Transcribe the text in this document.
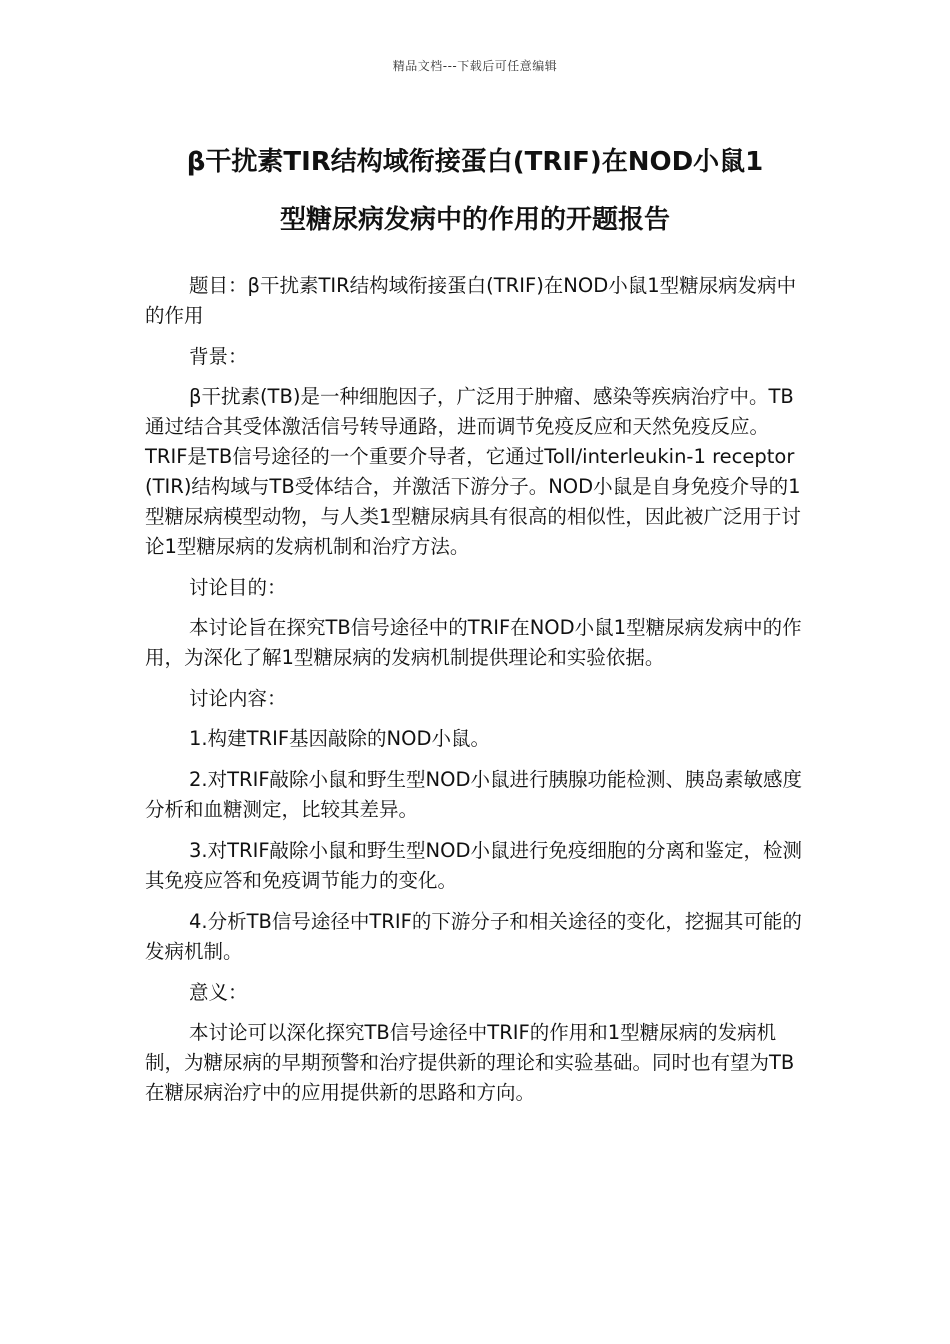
精品文档---下载后可任意编辑
β干扰素TIR结构域衔接蛋白(TRIF)在NOD小鼠1
型糖尿病发病中的作用的开题报告

题目：β干扰素TIR结构域衔接蛋白(TRIF)在NOD小鼠1型糖尿病发病中的作用

背景：

β干扰素(TB)是一种细胞因子，广泛用于肿瘤、感染等疾病治疗中。TB通过结合其受体激活信号转导通路，进而调节免疫反应和天然免疫反应。TRIF是TB信号途径的一个重要介导者，它通过Toll/interleukin-1 receptor (TIR)结构域与TB受体结合，并激活下游分子。NOD小鼠是自身免疫介导的1型糖尿病模型动物，与人类1型糖尿病具有很高的相似性，因此被广泛用于讨论1型糖尿病的发病机制和治疗方法。

讨论目的：

本讨论旨在探究TB信号途径中的TRIF在NOD小鼠1型糖尿病发病中的作用，为深化了解1型糖尿病的发病机制提供理论和实验依据。

讨论内容：

1.构建TRIF基因敲除的NOD小鼠。

2.对TRIF敲除小鼠和野生型NOD小鼠进行胰腺功能检测、胰岛素敏感度分析和血糖测定，比较其差异。

3.对TRIF敲除小鼠和野生型NOD小鼠进行免疫细胞的分离和鉴定，检测其免疫应答和免疫调节能力的变化。

4.分析TB信号途径中TRIF的下游分子和相关途径的变化，挖掘其可能的发病机制。

意义：

本讨论可以深化探究TB信号途径中TRIF的作用和1型糖尿病的发病机制，为糖尿病的早期预警和治疗提供新的理论和实验基础。同时也有望为TB在糖尿病治疗中的应用提供新的思路和方向。
